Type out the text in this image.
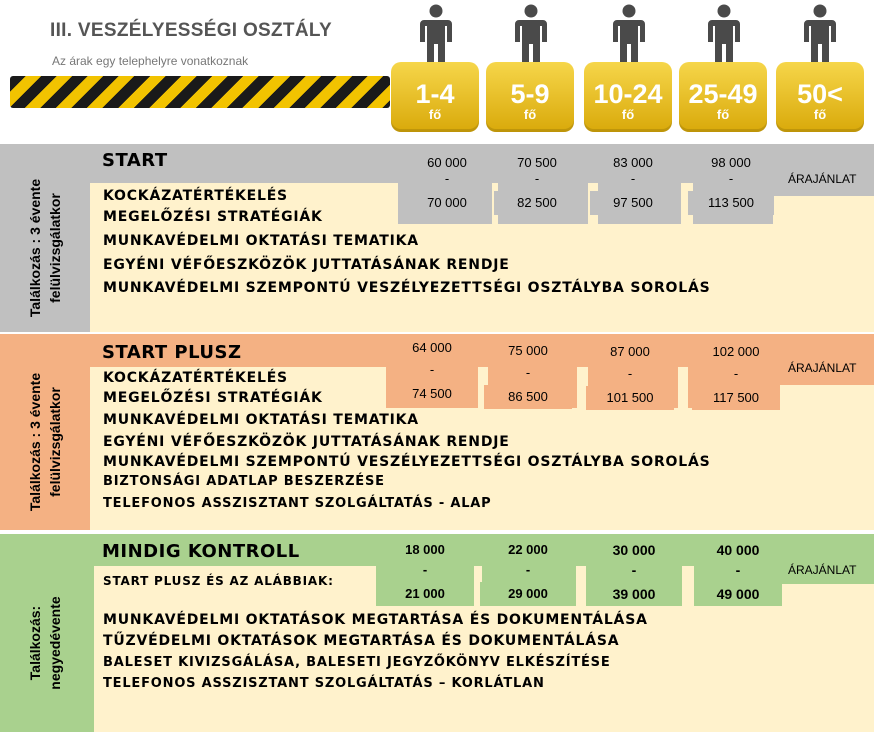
III. VESZÉLYESSÉGI OSZTÁLY
Az árak egy telephelyre vonatkoznak
1-4
fő
5-9
fő
10-24
fő
25-49
fő
50<
fő
Találkozás : 3 évente felülvizsgálatkor
START	60 000
-
70 000
70 500
-
82 500
83 000
-
97 500
98 000
-
113 500
ÁRAJÁNLAT
KOCKÁZATÉRTÉKELÉS
MEGELŐZÉSI STRATÉGIÁK
MUNKAVÉDELMI OKTATÁSI TEMATIKA
EGYÉNI VÉFŐESZKÖZÖK JUTTATÁSÁNAK RENDJE
MUNKAVÉDELMI SZEMPONTÚ VESZÉLYEZETTSÉGI OSZTÁLYBA SOROLÁS
Találkozás : 3 évente felülvizsgálatkor
START PLUSZ	64 000
-
74 500
75 000
-
86 500
87 000
-
101 500
102 000
-
117 500
ÁRAJÁNLAT
KOCKÁZATÉRTÉKELÉS
MEGELŐZÉSI STRATÉGIÁK
MUNKAVÉDELMI OKTATÁSI TEMATIKA
EGYÉNI VÉFŐESZKÖZÖK JUTTATÁSÁNAK RENDJE
MUNKAVÉDELMI SZEMPONTÚ VESZÉLYEZETTSÉGI OSZTÁLYBA SOROLÁS
BIZTONSÁGI ADATLAP BESZERZÉSE
TELEFONOS ASSZISZTANT SZOLGÁLTATÁS - ALAP
Találkozás: negyedévente
MINDIG KONTROLL
START PLUSZ ÉS AZ ALÁBBIAK:
18 000
-
21 000
22 000
-
29 000
30 000
-
39 000
40 000
-
49 000
ÁRAJÁNLAT
MUNKAVÉDELMI OKTATÁSOK MEGTARTÁSA ÉS DOKUMENTÁLÁSA
TŰZVÉDELMI OKTATÁSOK MEGTARTÁSA ÉS DOKUMENTÁLÁSA
BALESET KIVIZSGÁLÁSA, BALESETI JEGYZŐKÖNYV ELKÉSZÍTÉSE
TELEFONOS ASSZISZTANT SZOLGÁLTATÁS – KORLÁTLAN
